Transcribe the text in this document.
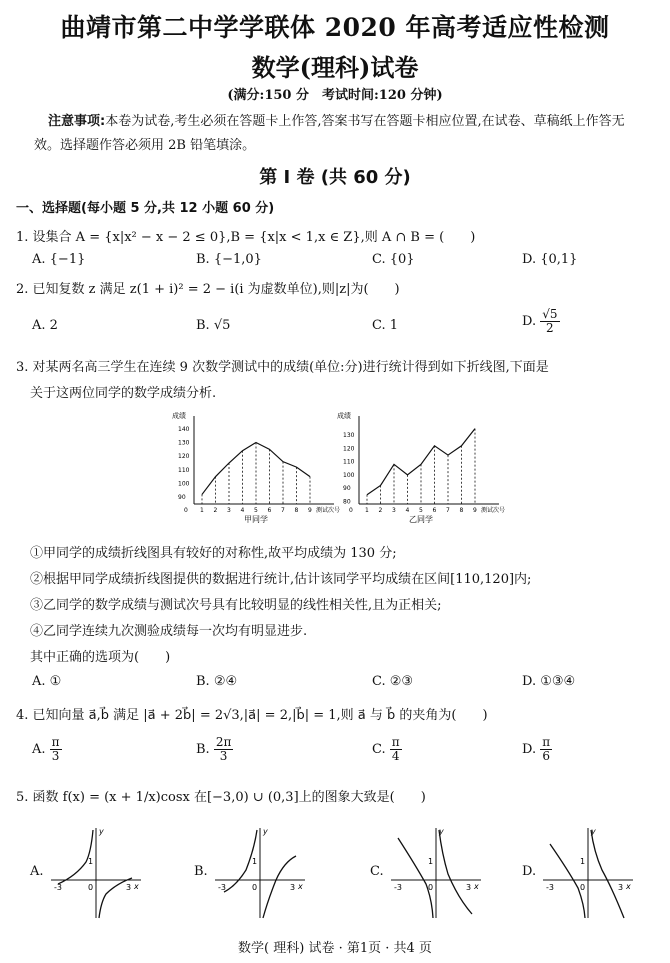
曲靖市第二中学学联体 2020 年高考适应性检测
数学(理科)试卷
(满分:150 分　考试时间:120 分钟)
注意事项:本卷为试卷,考生必须在答题卡上作答,答案书写在答题卡相应位置,在试卷、草稿纸上作答无效。选择题作答必须用 2B 铅笔填涂。
第 Ⅰ 卷 (共 60 分)
一、选择题(每小题 5 分,共 12 小题 60 分)
1. 设集合 A = {x|x² − x − 2 ≤ 0},B = {x|x < 1,x ∈ Z},则 A ∩ B = (　　)
A. {−1}	B. {−1,0}	C. {0}	D. {0,1}
2. 已知复数 z 满足 z(1 + i)² = 2 − i(i 为虚数单位),则|z|为(　　)
A. 2	B. √5	C. 1	D. $\frac{√5}{2}$
3. 对某两名高三学生在连续 9 次数学测试中的成绩(单位:分)进行统计得到如下折线图,下面是
关于这两位同学的数学成绩分析.
成绩
测试次号
0
90
100
110
120
130
140
1 2 3 4 5 6 7 8 9
甲同学
成绩
测试次号
0
80
90
100
110
120
130
1 2 3 4 5 6 7 8 9
乙同学
①甲同学的成绩折线图具有较好的对称性,故平均成绩为 130 分;
②根据甲同学成绩折线图提供的数据进行统计,估计该同学平均成绩在区间[110,120]内;
③乙同学的数学成绩与测试次号具有比较明显的线性相关性,且为正相关;
④乙同学连续九次测验成绩每一次均有明显进步.
其中正确的选项为(　　)
A. ①	B. ②④	C. ②③	D. ①③④
4. 已知向量 a⃗,b⃗ 满足 |a⃗ + 2b⃗| = 2√3,|a⃗| = 2,|b⃗| = 1,则 a⃗ 与 b⃗ 的夹角为(　　)
A. $\frac{\pi}{3}$	B. $\frac{2\pi}{3}$	C. $\frac{\pi}{4}$	D. $\frac{\pi}{6}$
5. 函数 f(x) = (x + 1/x)cosx 在[−3,0) ∪ (0,3]上的图象大致是(　　)
A.	B.	C.	D.
y
x
-3	3
0
1
y
x
-3	3
0
1
y
x
-3	3
0
1
y
x
-3	3
0
1
数学( 理科) 试卷 · 第1页 · 共4 页
